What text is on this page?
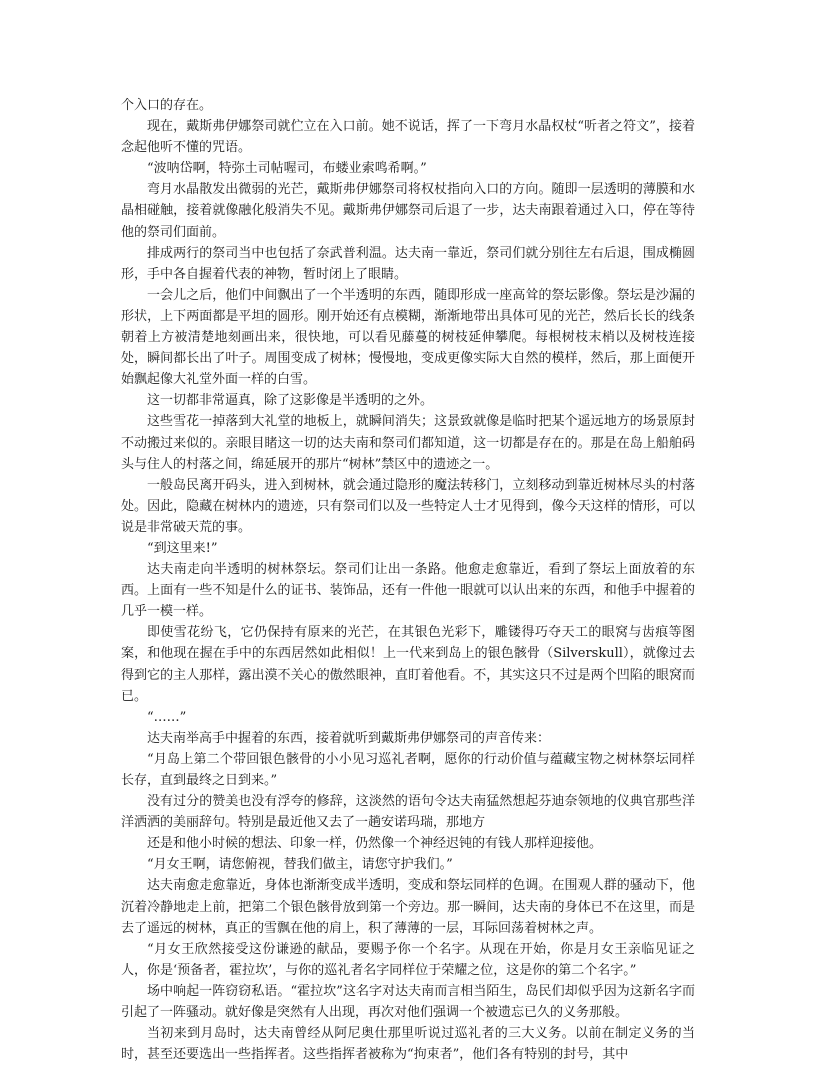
个入口的存在。

现在，戴斯弗伊娜祭司就伫立在入口前。她不说话，挥了一下弯月水晶权杖“听者之符文”，接着念起他听不懂的咒语。

“波呐岱啊，特弥土司帖喔司，布蝼业索鸣希啊。”

弯月水晶散发出微弱的光芒，戴斯弗伊娜祭司将权杖指向入口的方向。随即一层透明的薄膜和水晶相碰触，接着就像融化般消失不见。戴斯弗伊娜祭司后退了一步，达夫南跟着通过入口，停在等待他的祭司们面前。

排成两行的祭司当中也包括了奈武普利温。达夫南一靠近，祭司们就分别往左右后退，围成椭圆形，手中各自握着代表的神物，暂时闭上了眼睛。

一会儿之后，他们中间飘出了一个半透明的东西，随即形成一座高耸的祭坛影像。祭坛是沙漏的形状，上下两面都是平坦的圆形。刚开始还有点模糊，渐渐地带出具体可见的光芒，然后长长的线条朝着上方被清楚地刻画出来，很快地，可以看见藤蔓的树枝延伸攀爬。每根树枝末梢以及树枝连接处，瞬间都长出了叶子。周围变成了树林；慢慢地，变成更像实际大自然的模样，然后，那上面便开始飘起像大礼堂外面一样的白雪。

这一切都非常逼真，除了这影像是半透明的之外。

这些雪花一掉落到大礼堂的地板上，就瞬间消失；这景致就像是临时把某个遥远地方的场景原封不动搬过来似的。亲眼目睹这一切的达夫南和祭司们都知道，这一切都是存在的。那是在岛上船舶码头与住人的村落之间，绵延展开的那片“树林”禁区中的遗迹之一。

一般岛民离开码头，进入到树林，就会通过隐形的魔法转移门，立刻移动到靠近树林尽头的村落处。因此，隐藏在树林内的遗迹，只有祭司们以及一些特定人士才见得到，像今天这样的情形，可以说是非常破天荒的事。

“到这里来!”

达夫南走向半透明的树林祭坛。祭司们让出一条路。他愈走愈靠近，看到了祭坛上面放着的东西。上面有一些不知是什么的证书、装饰品，还有一件他一眼就可以认出来的东西，和他手中握着的几乎一模一样。

即使雪花纷飞，它仍保持有原来的光芒，在其银色光彩下，雕镂得巧夺天工的眼窝与齿痕等图案，和他现在握在手中的东西居然如此相似！上一代来到岛上的银色骸骨（Silverskull），就像过去得到它的主人那样，露出漠不关心的傲然眼神，直盯着他看。不，其实这只不过是两个凹陷的眼窝而已。

“……”

达夫南举高手中握着的东西，接着就听到戴斯弗伊娜祭司的声音传来：

“月岛上第二个带回银色骸骨的小小见习巡礼者啊，愿你的行动价值与蕴藏宝物之树林祭坛同样长存，直到最终之日到来。”

没有过分的赞美也没有浮夸的修辞，这淡然的语句令达夫南猛然想起芬迪奈领地的仪典官那些洋洋洒洒的美丽辞句。特别是最近他又去了一趟安诺玛瑞，那地方

还是和他小时候的想法、印象一样，仍然像一个神经迟钝的有钱人那样迎接他。

“月女王啊，请您俯视，替我们做主，请您守护我们。”

达夫南愈走愈靠近，身体也渐渐变成半透明，变成和祭坛同样的色调。在围观人群的骚动下，他沉着冷静地走上前，把第二个银色骸骨放到第一个旁边。那一瞬间，达夫南的身体已不在这里，而是去了遥远的树林，真正的雪飘在他的肩上，积了薄薄的一层，耳际回荡着树林之声。

“月女王欣然接受这份谦逊的献品，要赐予你一个名字。从现在开始，你是月女王亲临见证之人，你是‘预备者，霍拉坎’，与你的巡礼者名字同样位于荣耀之位，这是你的第二个名字。”

场中响起一阵窃窃私语。“霍拉坎”这名字对达夫南而言相当陌生，岛民们却似乎因为这新名字而引起了一阵骚动。就好像是突然有人出现，再次对他们强调一个被遗忘已久的义务那般。

当初来到月岛时，达夫南曾经从阿尼奥仕那里听说过巡礼者的三大义务。以前在制定义务的当时，甚至还要选出一些指挥者。这些指挥者被称为“拘束者”，他们各有特别的封号，其中
